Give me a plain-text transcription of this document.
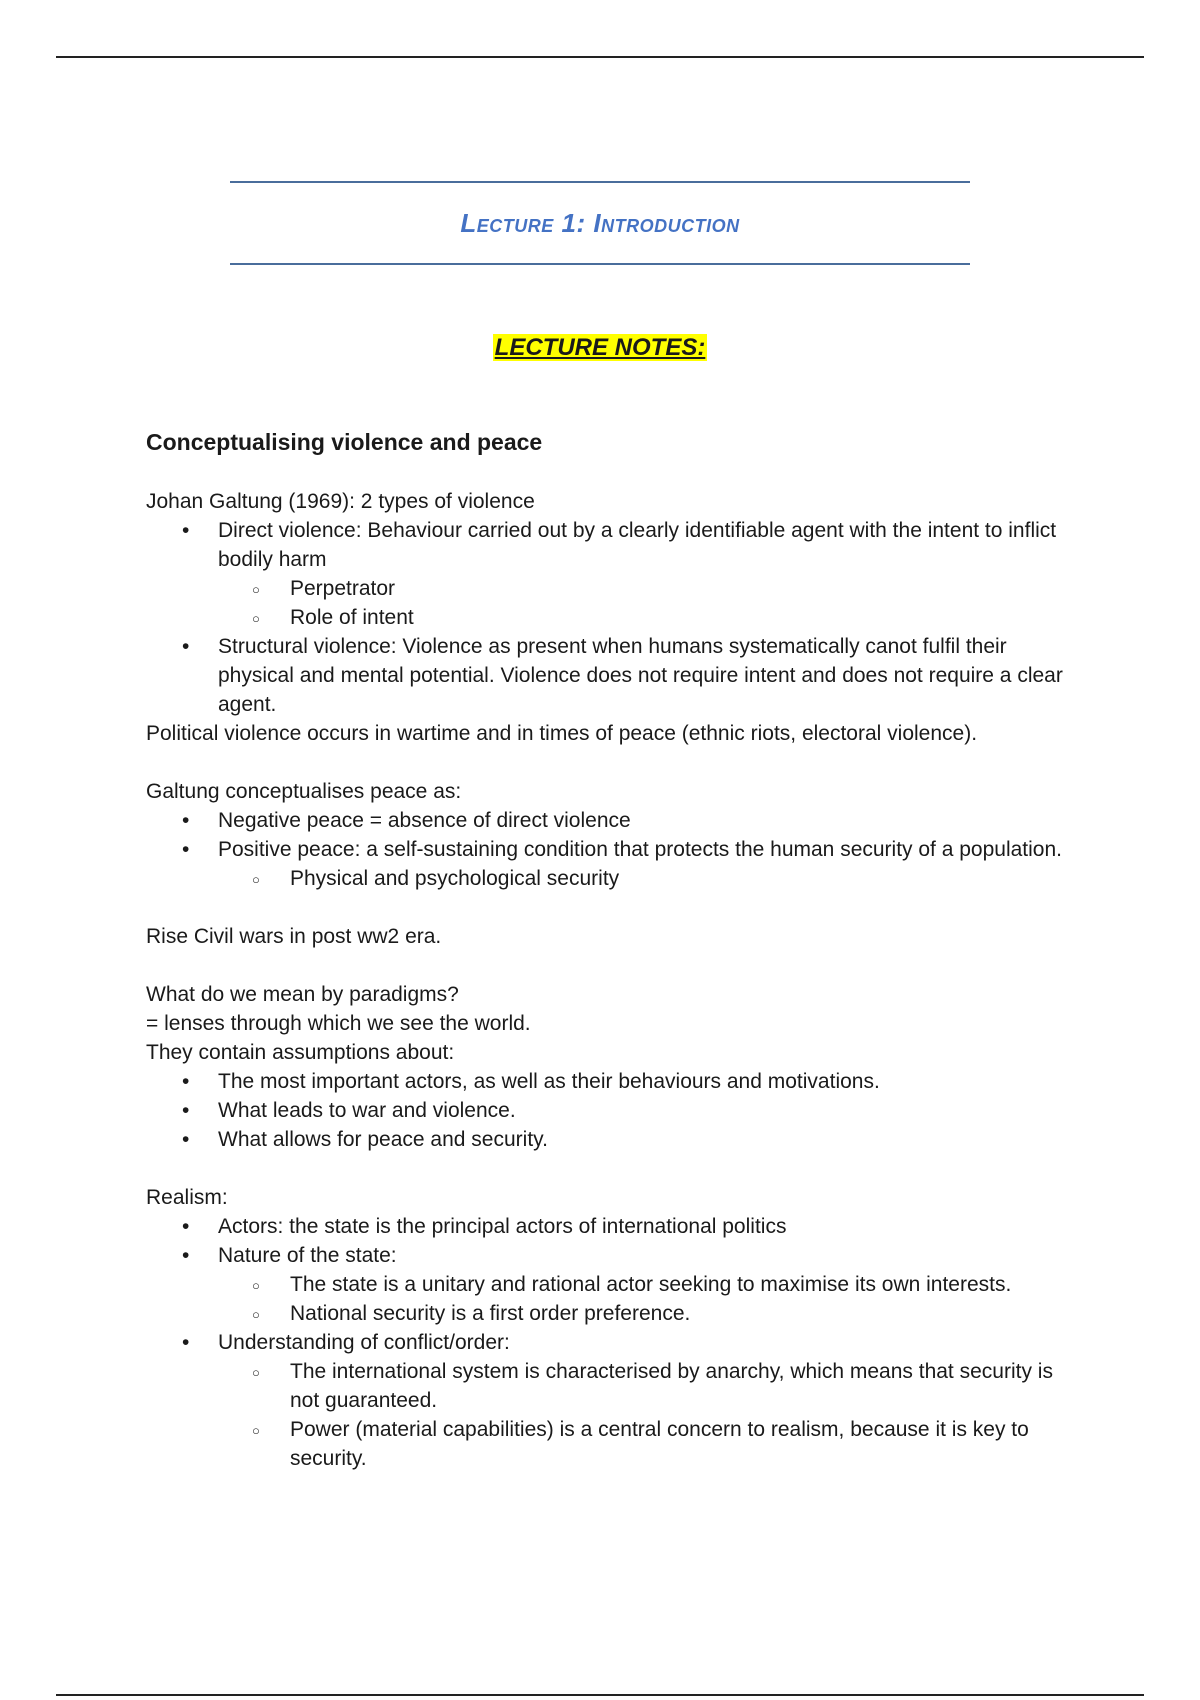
Lecture 1: Introduction
LECTURE NOTES:
Conceptualising violence and peace

Johan Galtung (1969): 2 types of violence

• Direct violence: Behaviour carried out by a clearly identifiable agent with the intent to inflict bodily harm
○ Perpetrator
○ Role of intent
• Structural violence: Violence as present when humans systematically canot fulfil their physical and mental potential. Violence does not require intent and does not require a clear agent.

Political violence occurs in wartime and in times of peace (ethnic riots, electoral violence).

Galtung conceptualises peace as:

• Negative peace = absence of direct violence
• Positive peace: a self-sustaining condition that protects the human security of a population.
○ Physical and psychological security

Rise Civil wars in post ww2 era.

What do we mean by paradigms?

= lenses through which we see the world.

They contain assumptions about:

• The most important actors, as well as their behaviours and motivations.
• What leads to war and violence.
• What allows for peace and security.

Realism:

• Actors: the state is the principal actors of international politics
• Nature of the state:
○ The state is a unitary and rational actor seeking to maximise its own interests.
○ National security is a first order preference.
• Understanding of conflict/order:
○ The international system is characterised by anarchy, which means that security is not guaranteed.
○ Power (material capabilities) is a central concern to realism, because it is key to security.
